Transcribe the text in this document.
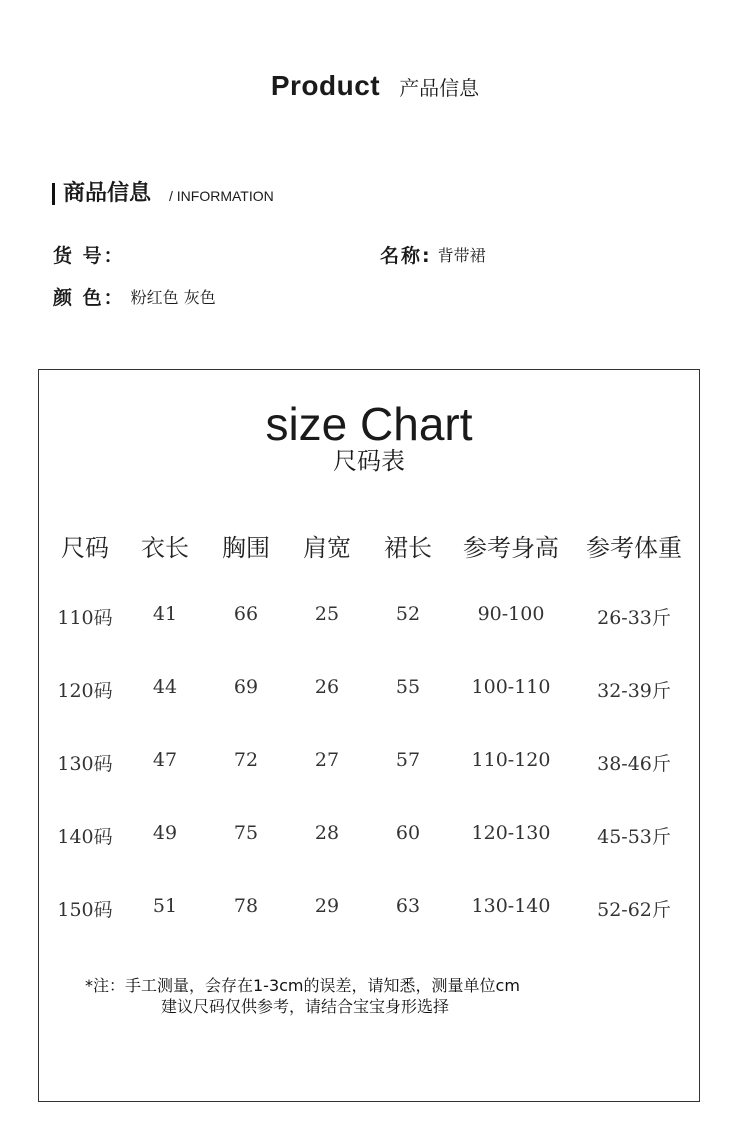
Product 产品信息
商品信息 / INFORMATION
货 号：	名称: 背带裙
颜 色： 粉红色 灰色
size Chart
尺码表
尺码 衣长 胸围 肩宽 裙长 参考身高 参考体重
110码 41	66	25	52	90-100	26-33斤
120码 44	69	26	55	100-110 32-39斤
130码 47	72	27	57	110-120 38-46斤
140码 49	75	28	60	120-130 45-53斤
150码 51	78	29	63	130-140 52-62斤
*注：手工测量，会存在1-3cm的误差，请知悉，测量单位cm
建议尺码仅供参考，请结合宝宝身形选择
